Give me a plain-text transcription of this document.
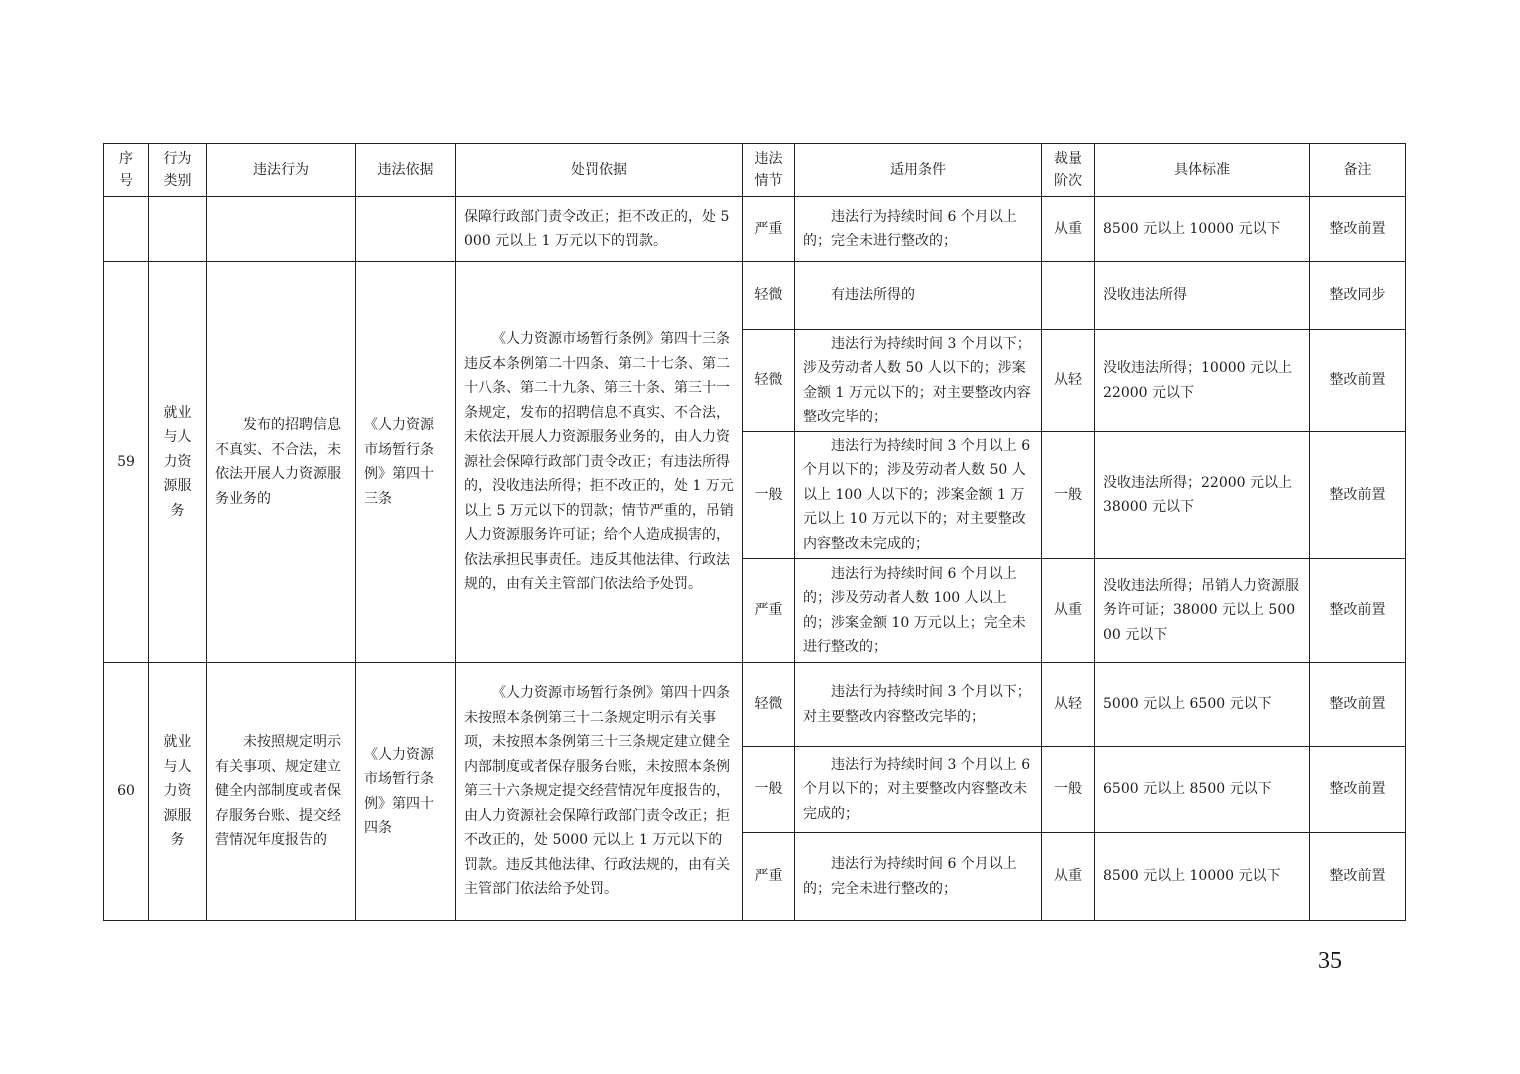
序号	行为类别	违法行为	违法依据	处罚依据	违法情节	适用条件	裁量阶次	具体标准	备注
				保障行政部门责令改正；拒不改正的，处 5000 元以上 1 万元以下的罚款。	严重	违法行为持续时间 6 个月以上的；完全未进行整改的；	从重	8500 元以上 10000 元以下	整改前置
59	就业与人力资源服务	发布的招聘信息不真实、不合法，未依法开展人力资源服务业务的	《人力资源市场暂行条例》第四十三条	《人力资源市场暂行条例》第四十三条　违反本条例第二十四条、第二十七条、第二十八条、第二十九条、第三十条、第三十一条规定，发布的招聘信息不真实、不合法，未依法开展人力资源服务业务的，由人力资源社会保障行政部门责令改正；有违法所得的，没收违法所得；拒不改正的，处 1 万元以上 5 万元以下的罚款；情节严重的，吊销人力资源服务许可证；给个人造成损害的，依法承担民事责任。违反其他法律、行政法规的，由有关主管部门依法给予处罚。	轻微	有违法所得的		没收违法所得	整改同步
					轻微	违法行为持续时间 3 个月以下；涉及劳动者人数 50 人以下的；涉案金额 1 万元以下的；对主要整改内容整改完毕的；	从轻	没收违法所得；10000 元以上 22000 元以下	整改前置
					一般	违法行为持续时间 3 个月以上 6 个月以下的；涉及劳动者人数 50 人以上 100 人以下的；涉案金额 1 万元以上 10 万元以下的；对主要整改内容整改未完成的；	一般	没收违法所得；22000 元以上 38000 元以下	整改前置
					严重	违法行为持续时间 6 个月以上的；涉及劳动者人数 100 人以上的；涉案金额 10 万元以上；完全未进行整改的；	从重	没收违法所得；吊销人力资源服务许可证；38000 元以上 50000 元以下	整改前置
60	就业与人力资源服务	未按照规定明示有关事项、规定建立健全内部制度或者保存服务台账、提交经营情况年度报告的	《人力资源市场暂行条例》第四十四条	《人力资源市场暂行条例》第四十四条　未按照本条例第三十二条规定明示有关事项，未按照本条例第三十三条规定建立健全内部制度或者保存服务台账，未按照本条例第三十六条规定提交经营情况年度报告的，由人力资源社会保障行政部门责令改正；拒不改正的，处 5000 元以上 1 万元以下的罚款。违反其他法律、行政法规的，由有关主管部门依法给予处罚。	轻微	违法行为持续时间 3 个月以下；对主要整改内容整改完毕的；	从轻	5000 元以上 6500 元以下	整改前置
					一般	违法行为持续时间 3 个月以上 6 个月以下的；对主要整改内容整改未完成的；	一般	6500 元以上 8500 元以下	整改前置
					严重	违法行为持续时间 6 个月以上的；完全未进行整改的；	从重	8500 元以上 10000 元以下	整改前置
35
